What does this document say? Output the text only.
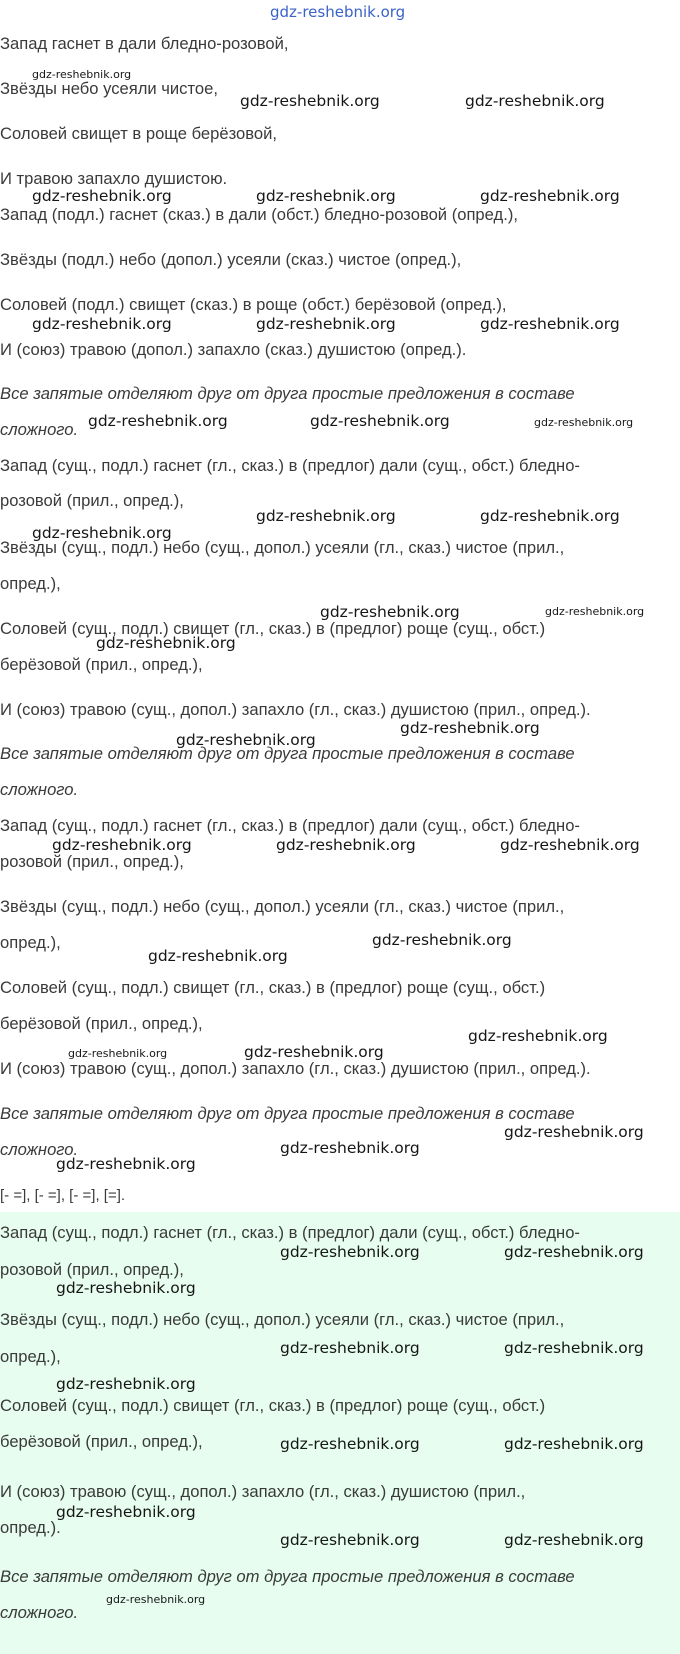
gdz-reshebnik.org
Запад гаснет в дали бледно-розовой,
Звёзды небо усеяли чистое,
Соловей свищет в роще берёзовой,
И травою запахло душистою.
Запад (подл.) гаснет (сказ.) в дали (обст.) бледно-розовой (опред.),
Звёзды (подл.) небо (допол.) усеяли (сказ.) чистое (опред.),
Соловей (подл.) свищет (сказ.) в роще (обст.) берёзовой (опред.),
И (союз) травою (допол.) запахло (сказ.) душистою (опред.).
Все запятые отделяют друг от друга простые предложения в составе
сложного.
Запад (сущ., подл.) гаснет (гл., сказ.) в (предлог) дали (сущ., обст.) бледно-
розовой (прил., опред.),
Звёзды (сущ., подл.) небо (сущ., допол.) усеяли (гл., сказ.) чистое (прил.,
опред.),
Соловей (сущ., подл.) свищет (гл., сказ.) в (предлог) роще (сущ., обст.)
берёзовой (прил., опред.),
И (союз) травою (сущ., допол.) запахло (гл., сказ.) душистою (прил., опред.).
Все запятые отделяют друг от друга простые предложения в составе
сложного.
Запад (сущ., подл.) гаснет (гл., сказ.) в (предлог) дали (сущ., обст.) бледно-
розовой (прил., опред.),
Звёзды (сущ., подл.) небо (сущ., допол.) усеяли (гл., сказ.) чистое (прил.,
опред.),
Соловей (сущ., подл.) свищет (гл., сказ.) в (предлог) роще (сущ., обст.)
берёзовой (прил., опред.),
И (союз) травою (сущ., допол.) запахло (гл., сказ.) душистою (прил., опред.).
Все запятые отделяют друг от друга простые предложения в составе
сложного.
[- =], [- =], [- =], [=].
Запад (сущ., подл.) гаснет (гл., сказ.) в (предлог) дали (сущ., обст.) бледно-
розовой (прил., опред.),
Звёзды (сущ., подл.) небо (сущ., допол.) усеяли (гл., сказ.) чистое (прил.,
опред.),
Соловей (сущ., подл.) свищет (гл., сказ.) в (предлог) роще (сущ., обст.)
берёзовой (прил., опред.),
И (союз) травою (сущ., допол.) запахло (гл., сказ.) душистою (прил.,
опред.).
Все запятые отделяют друг от друга простые предложения в составе
сложного.
gdz-reshebnik.org
gdz-reshebnik.org	gdz-reshebnik.org
gdz-reshebnik.org	gdz-reshebnik.org	gdz-reshebnik.org
gdz-reshebnik.org	gdz-reshebnik.org	gdz-reshebnik.org
gdz-reshebnik.org	gdz-reshebnik.org	gdz-reshebnik.org
gdz-reshebnik.org	gdz-reshebnik.org
gdz-reshebnik.org
gdz-reshebnik.org	gdz-reshebnik.org
gdz-reshebnik.org
gdz-reshebnik.org
gdz-reshebnik.org
gdz-reshebnik.org	gdz-reshebnik.org	gdz-reshebnik.org
gdz-reshebnik.org
gdz-reshebnik.org
gdz-reshebnik.org
gdz-reshebnik.org
gdz-reshebnik.org
gdz-reshebnik.org
gdz-reshebnik.org
gdz-reshebnik.org
gdz-reshebnik.org	gdz-reshebnik.org
gdz-reshebnik.org
gdz-reshebnik.org	gdz-reshebnik.org
gdz-reshebnik.org
gdz-reshebnik.org	gdz-reshebnik.org
gdz-reshebnik.org
gdz-reshebnik.org	gdz-reshebnik.org
gdz-reshebnik.org
